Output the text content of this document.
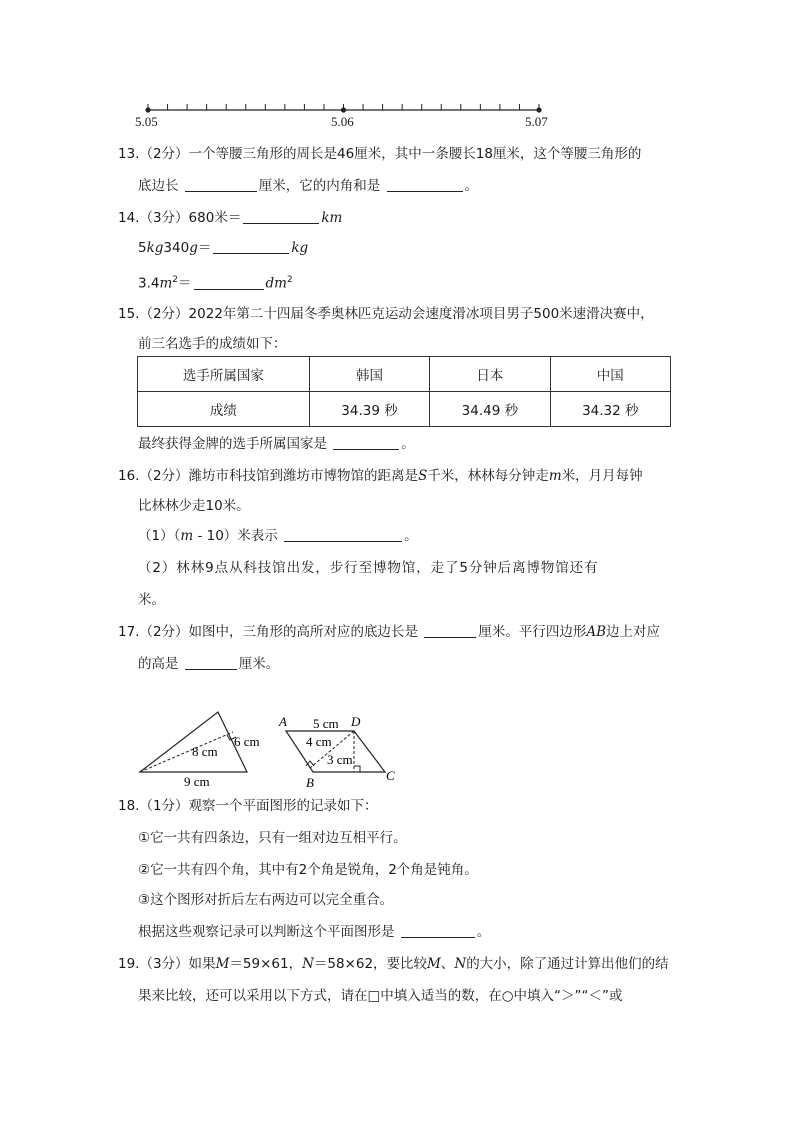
5.05	5.06	5.07
13.（2分）一个等腰三角形的周长是46厘米，其中一条腰长18厘米，这个等腰三角形的
底边长	厘米，它的内角和是	。
14.（3分）680米＝	km
5kg340g＝	kg
$3.4m^2=$	$dm^2$
15.（2分）2022年第二十四届冬季奥林匹克运动会速度滑冰项目男子500米速滑决赛中，
前三名选手的成绩如下：
选手所属国家	韩国	日本	中国
成绩	34.39 秒	34.49 秒	34.32 秒
最终获得金牌的选手所属国家是	。
16.（2分）潍坊市科技馆到潍坊市博物馆的距离是S千米，林林每分钟走m米，月月每钟
比林林少走10米。
（1）（m - 10）米表示	。
（2）林林9点从科技馆出发，步行至博物馆，走了5分钟后离博物馆还有
米。
17.（2分）如图中，三角形的高所对应的底边长是	厘米。平行四边形AB边上对应
的高是	厘米。
6 cm
8 cm
9 cm
A	D
B	C
5 cm
4 cm
3 cm
18.（1分）观察一个平面图形的记录如下：
①它一共有四条边，只有一组对边互相平行。
②它一共有四个角，其中有2个角是锐角，2个角是钝角。
③这个图形对折后左右两边可以完全重合。
根据这些观察记录可以判断这个平面图形是	。
19.（3分）如果M＝59×61，N＝58×62，要比较M、N的大小，除了通过计算出他们的结
果来比较，还可以采用以下方式，请在□中填入适当的数，在○中填入“＞”“＜”或
